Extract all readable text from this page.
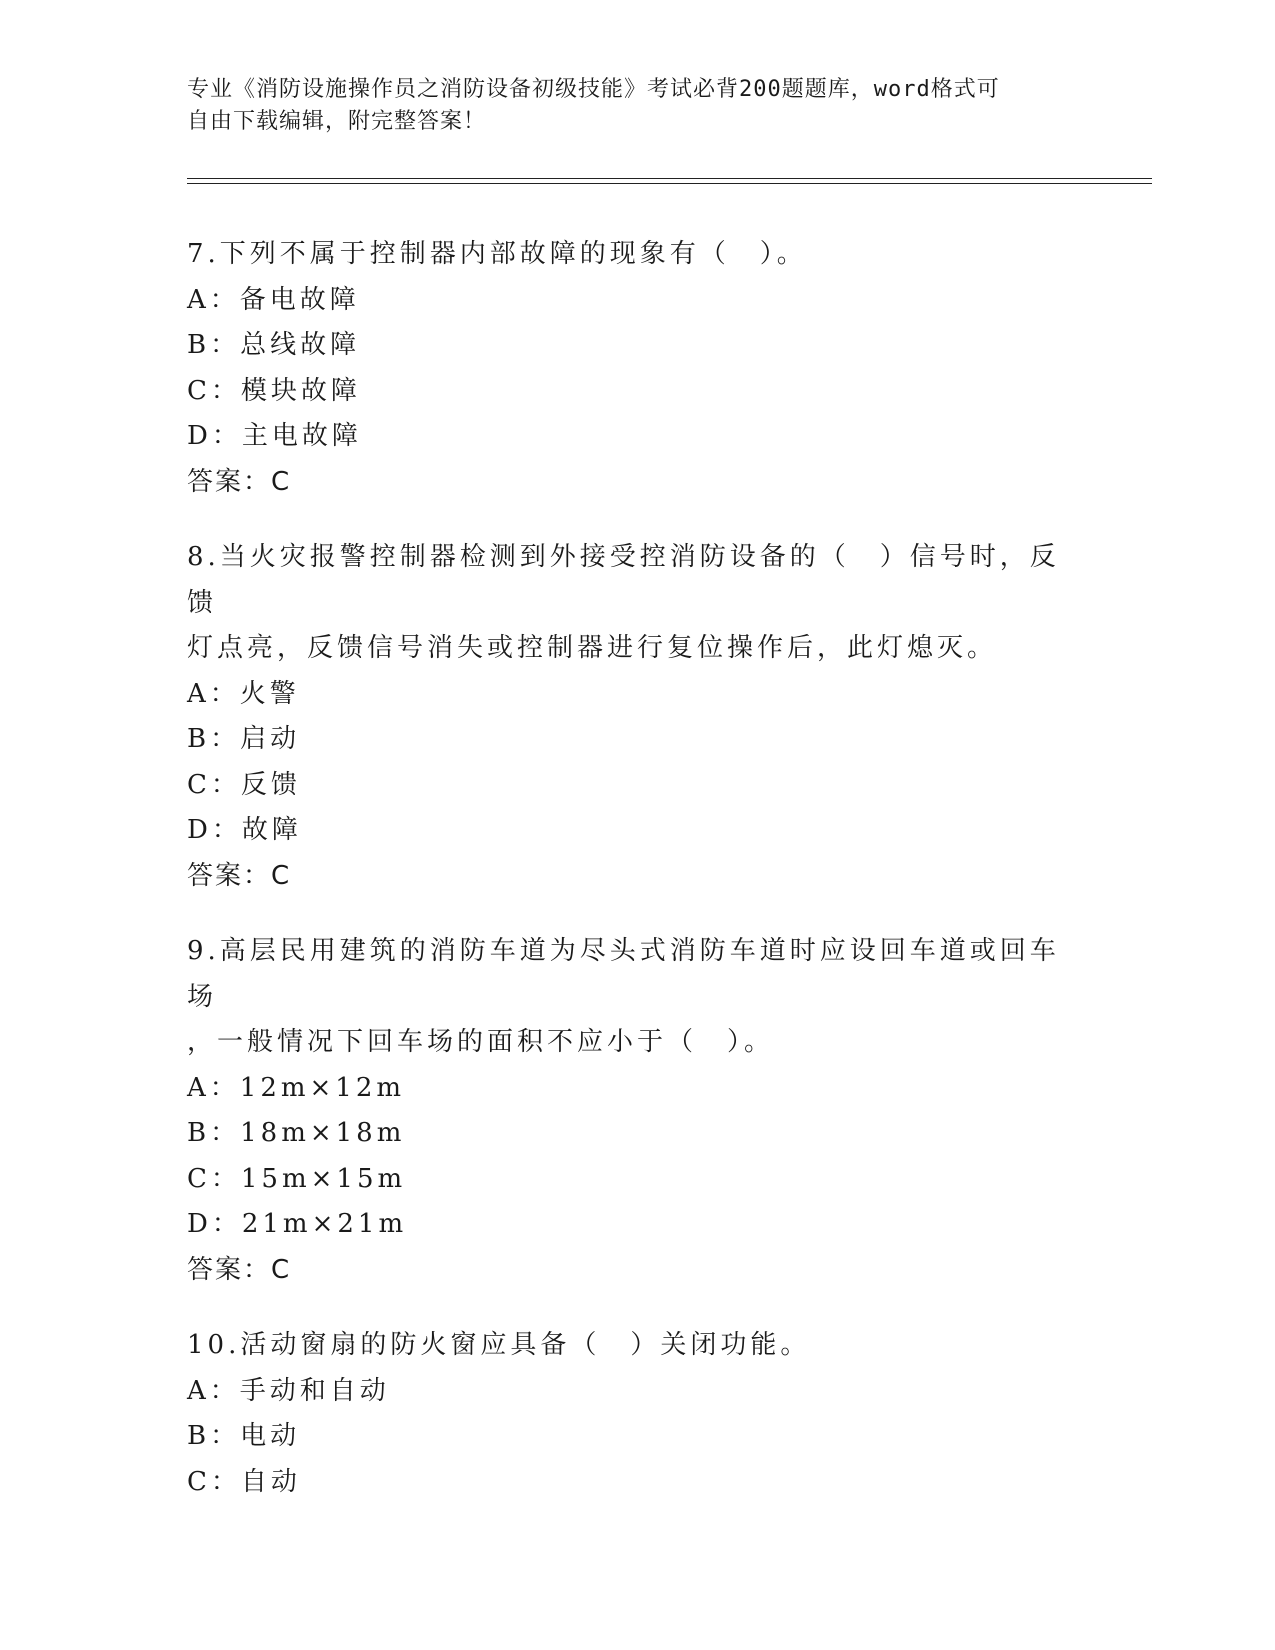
专业《消防设施操作员之消防设备初级技能》考试必背200题题库，word格式可
自由下载编辑，附完整答案！
7.下列不属于控制器内部故障的现象有（　）。
A：备电故障
B：总线故障
C：模块故障
D：主电故障
答案：C
8.当火灾报警控制器检测到外接受控消防设备的（　）信号时，反馈
灯点亮，反馈信号消失或控制器进行复位操作后，此灯熄灭。
A：火警
B：启动
C：反馈
D：故障
答案：C
9.高层民用建筑的消防车道为尽头式消防车道时应设回车道或回车场
，一般情况下回车场的面积不应小于（　）。
A：12m×12m
B：18m×18m
C：15m×15m
D：21m×21m
答案：C
10.活动窗扇的防火窗应具备（　）关闭功能。
A：手动和自动
B：电动
C：自动
